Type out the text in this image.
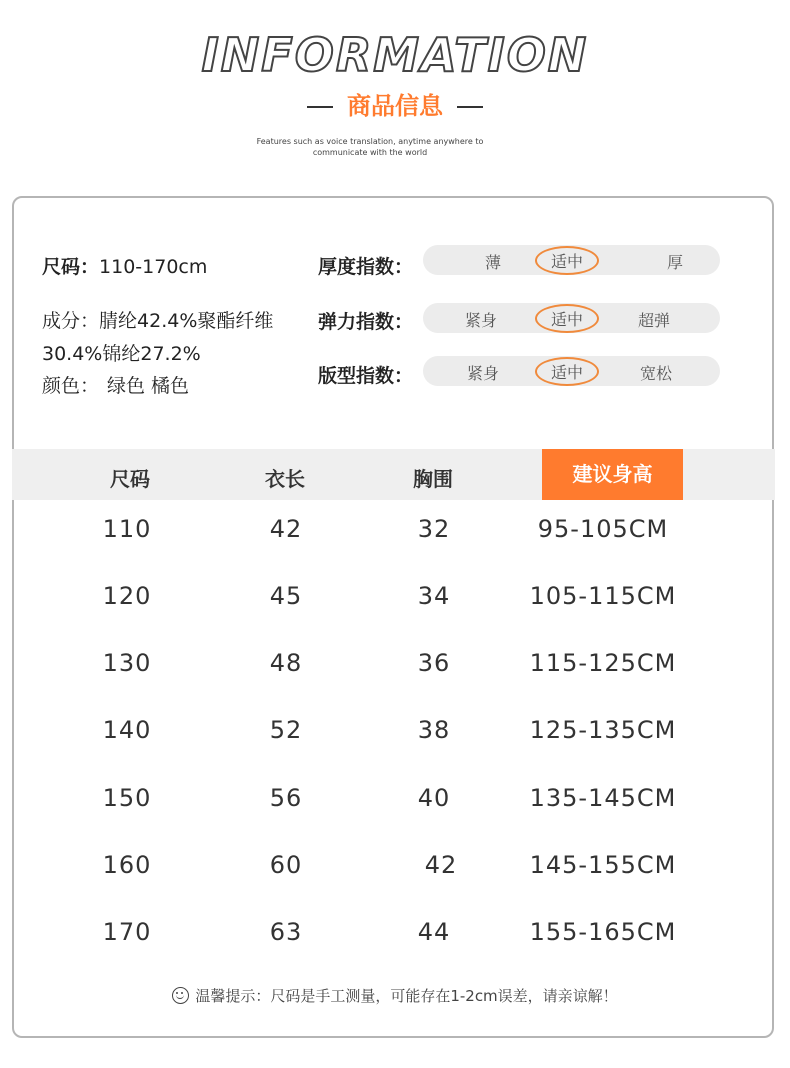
INFORMATION
商品信息
Features such as voice translation, anytime anywhere to communicate with the world
尺码：110-170cm
成分：腈纶42.4%聚酯纤维
30.4%锦纶27.2%
颜色： 绿色 橘色
厚度指数：	薄	适中	厚
弹力指数：	紧身	适中	超弹
版型指数：	紧身	适中	宽松
尺码	衣长	胸围	建议身高
110	42	32	95-105CM
120	45	34	105-115CM
130	48	36	115-125CM
140	52	38	125-135CM
150	56	40	135-145CM
160	60	42	145-155CM
170	63	44	155-165CM
温馨提示：尺码是手工测量，可能存在1-2cm误差，请亲谅解！
